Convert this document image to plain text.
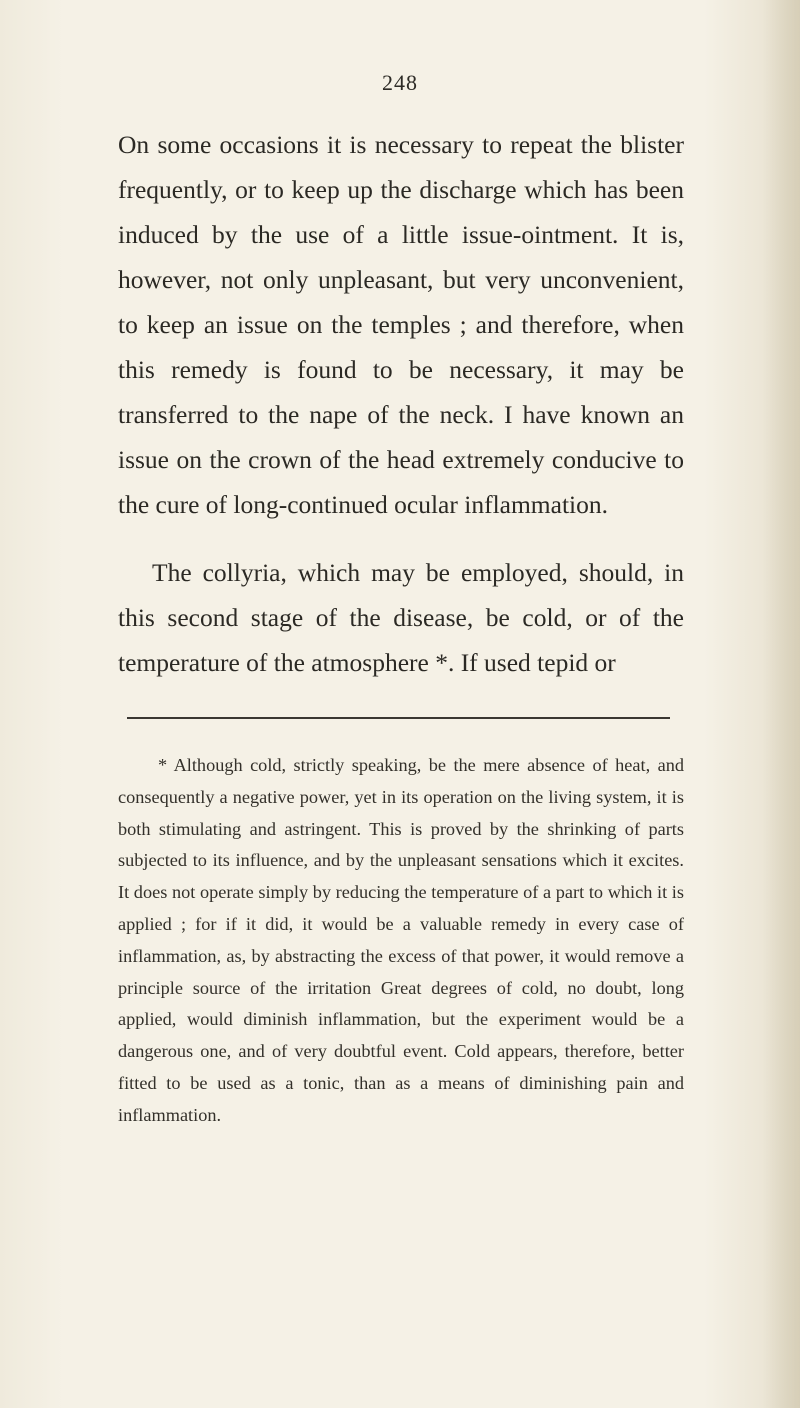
248

On some occasions it is necessary to repeat the blister frequently, or to keep up the discharge which has been induced by the use of a little issue-ointment. It is, however, not only unpleasant, but very unconvenient, to keep an issue on the temples ; and therefore, when this remedy is found to be necessary, it may be transferred to the nape of the neck. I have known an issue on the crown of the head extremely conducive to the cure of long-continued ocular inflammation.

The collyria, which may be employed, should, in this second stage of the disease, be cold, or of the temperature of the atmosphere *. If used tepid or

* Although cold, strictly speaking, be the mere absence of heat, and consequently a negative power, yet in its operation on the living system, it is both stimulating and astringent. This is proved by the shrinking of parts subjected to its influence, and by the unpleasant sensations which it excites. It does not operate simply by reducing the temperature of a part to which it is applied ; for if it did, it would be a valuable remedy in every case of inflammation, as, by abstracting the excess of that power, it would remove a principle source of the irritation Great degrees of cold, no doubt, long applied, would diminish inflammation, but the experiment would be a dangerous one, and of very doubtful event. Cold appears, therefore, better fitted to be used as a tonic, than as a means of diminishing pain and inflammation.
